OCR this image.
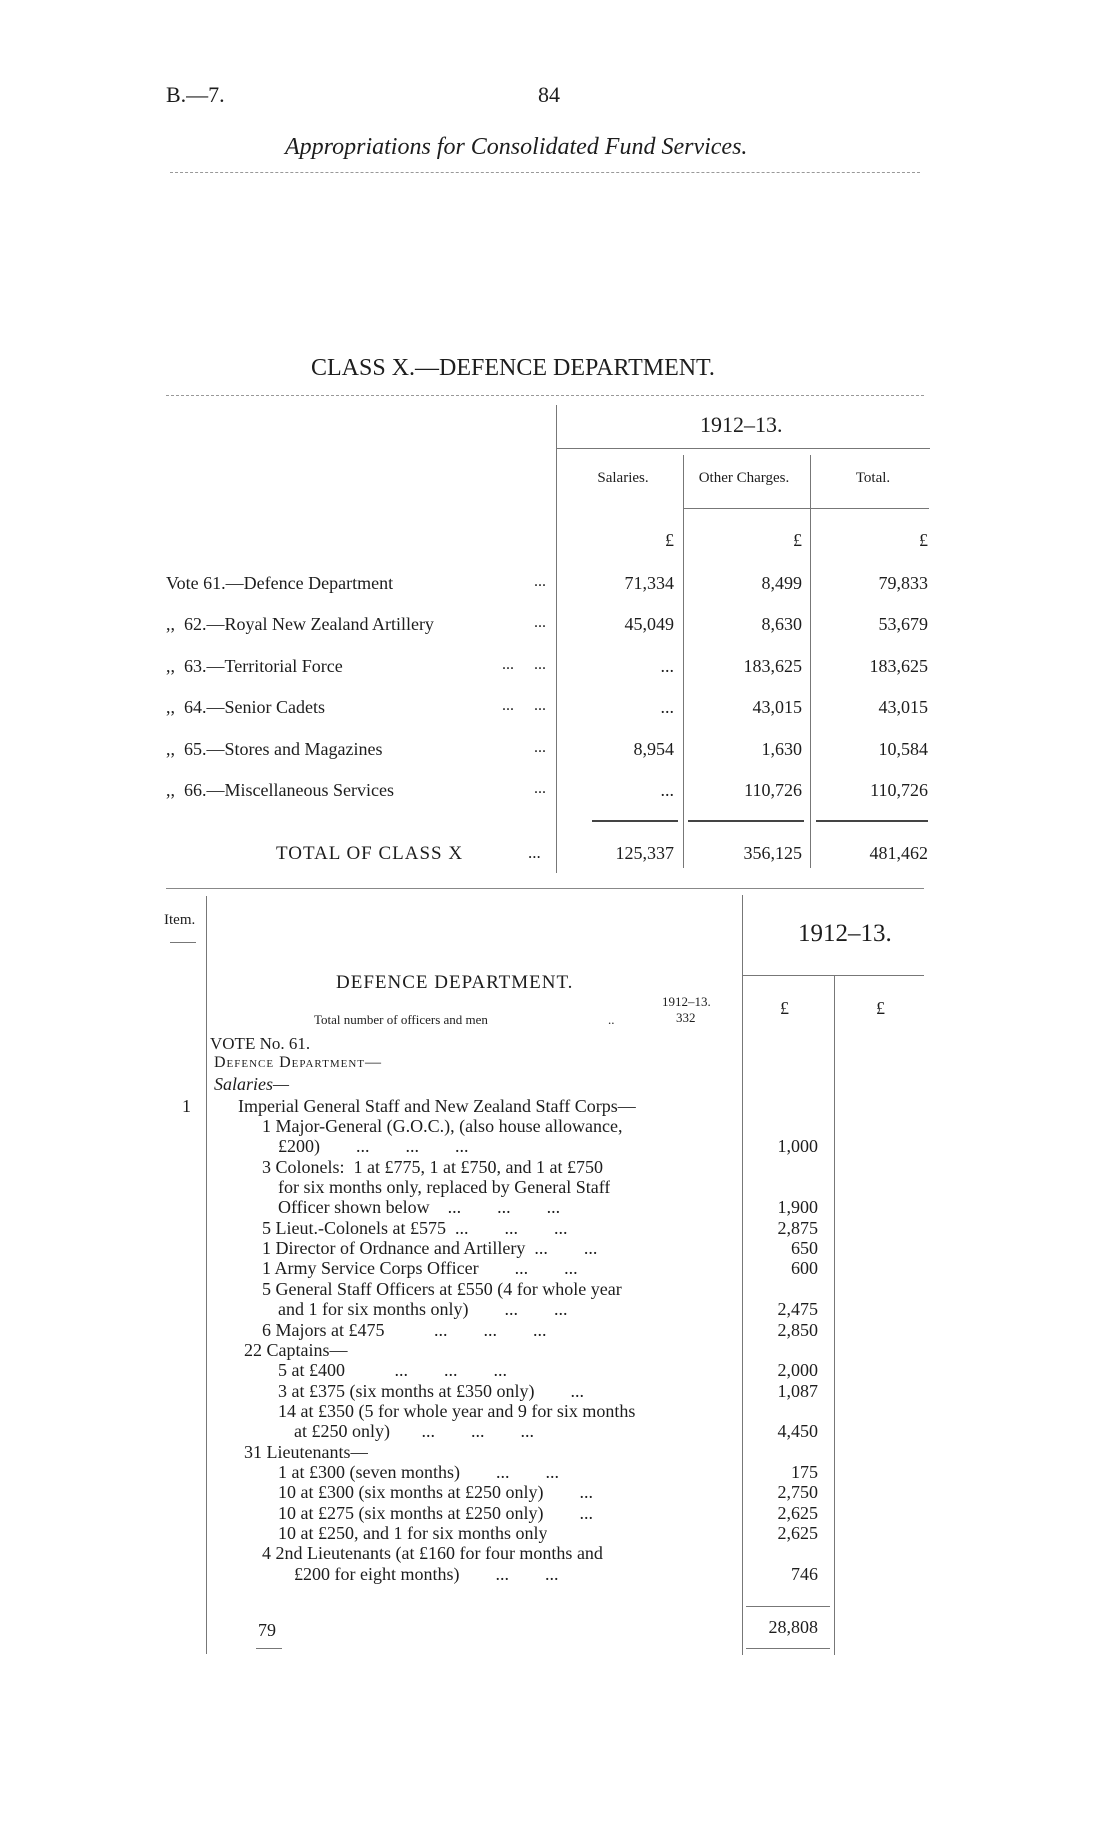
B.—7.	84
Appropriations for Consolidated Fund Services.
CLASS X.—DEFENCE DEPARTMENT.
1912–13.
Salaries.	Other Charges.	Total.
£	£	£
Vote 61.—Defence Department	...	71,334	8,499	79,833
,,  62.—Royal New Zealand Artillery	...	45,049	8,630	53,679
,,  63.—Territorial Force	...     ...	...	183,625	183,625
,,  64.—Senior Cadets	...     ...	...	43,015	43,015
,,  65.—Stores and Magazines	...	8,954	1,630	10,584
,,  66.—Miscellaneous Services	...	...	110,726	110,726
TOTAL OF CLASS X	...	125,337	356,125	481,462
Item.	1912–13.
£	£
DEFENCE DEPARTMENT.
1912–13.
Total number of officers and men	..	332
VOTE No. 61.
Defence Department—
Salaries—
1	Imperial General Staff and New Zealand Staff Corps—
1 Major-General (G.O.C.), (also house allowance,
£200)        ...        ...        ...	1,000
3 Colonels:  1 at £775, 1 at £750, and 1 at £750
for six months only, replaced by General Staff
Officer shown below    ...        ...        ...	1,900
5 Lieut.-Colonels at £575  ...        ...        ...	2,875
1 Director of Ordnance and Artillery  ...        ...	650
1 Army Service Corps Officer        ...        ...	600
5 General Staff Officers at £550 (4 for whole year
and 1 for six months only)        ...        ...	2,475
6 Majors at £475           ...        ...        ...	2,850
22 Captains—
5 at £400           ...        ...        ...	2,000
3 at £375 (six months at £350 only)        ...	1,087
14 at £350 (5 for whole year and 9 for six months
at £250 only)       ...        ...        ...	4,450
31 Lieutenants—
1 at £300 (seven months)        ...        ...	175
10 at £300 (six months at £250 only)        ...	2,750
10 at £275 (six months at £250 only)        ...	2,625
10 at £250, and 1 for six months only	2,625
4 2nd Lieutenants (at £160 for four months and
£200 for eight months)        ...        ...	746
79	28,808
